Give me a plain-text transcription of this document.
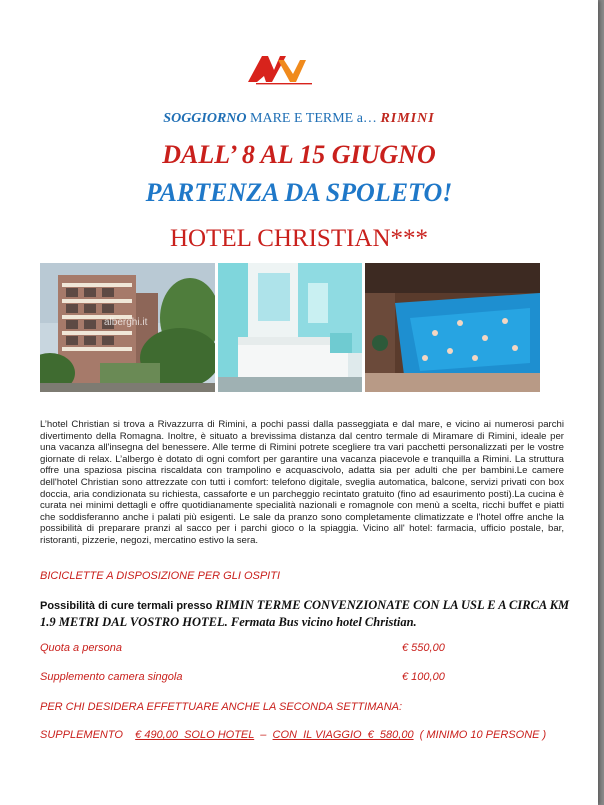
SOGGIORNO MARE E TERME a… RIMINI
DALL’ 8 AL 15 GIUGNO
PARTENZA DA SPOLETO!
HOTEL CHRISTIAN***
alberghi.it
L’hotel Christian si trova a Rivazzurra di Rimini, a pochi passi dalla passeggiata e dal mare, e vicino ai numerosi parchi divertimento della Romagna. Inoltre, è situato a brevissima distanza dal centro termale di Miramare di Rimini, ideale per una vacanza all'insegna del benessere. Alle terme di Rimini potrete scegliere tra vari pacchetti personalizzati per le vostre giornate di relax. L’albergo è dotato di ogni comfort per garantire una vacanza piacevole e tranquilla a Rimini. La struttura offre una spaziosa piscina riscaldata con trampolino e acquascivolo, adatta sia per adulti che per bambini.Le camere dell'hotel Christian sono attrezzate con tutti i comfort: telefono digitale, sveglia automatica, balcone, servizi privati con box doccia, aria condizionata su richiesta, cassaforte e un parcheggio recintato gratuito (fino ad esaurimento posti).La cucina è curata nei minimi dettagli e offre quotidianamente specialità nazionali e romagnole con menù a scelta, ricchi buffet e piatti che soddisferanno anche i palati più esigenti. Le sale da pranzo sono completamente climatizzate e l'hotel offre anche la possibilità di preparare pranzi al sacco per i parchi gioco o la spiaggia. Vicino all' hotel: farmacia, ufficio postale, bar, ristoranti, pizzerie, negozi, mercatino estivo la sera.
BICICLETTE A DISPOSIZIONE PER GLI OSPITI
Possibilità di cure termali presso RIMIN TERME CONVENZIONATE CON LA USL E A CIRCA KM 1.9 METRI DAL VOSTRO HOTEL. Fermata Bus vicino hotel Christian.
Quota a persona	€ 550,00
Supplemento camera singola	€ 100,00
PER CHI DESIDERA EFFETTUARE ANCHE LA SECONDA SETTIMANA:
SUPPLEMENTO    € 490,00  SOLO HOTEL  –  CON  IL VIAGGIO  €  580,00  ( MINIMO 10 PERSONE )
